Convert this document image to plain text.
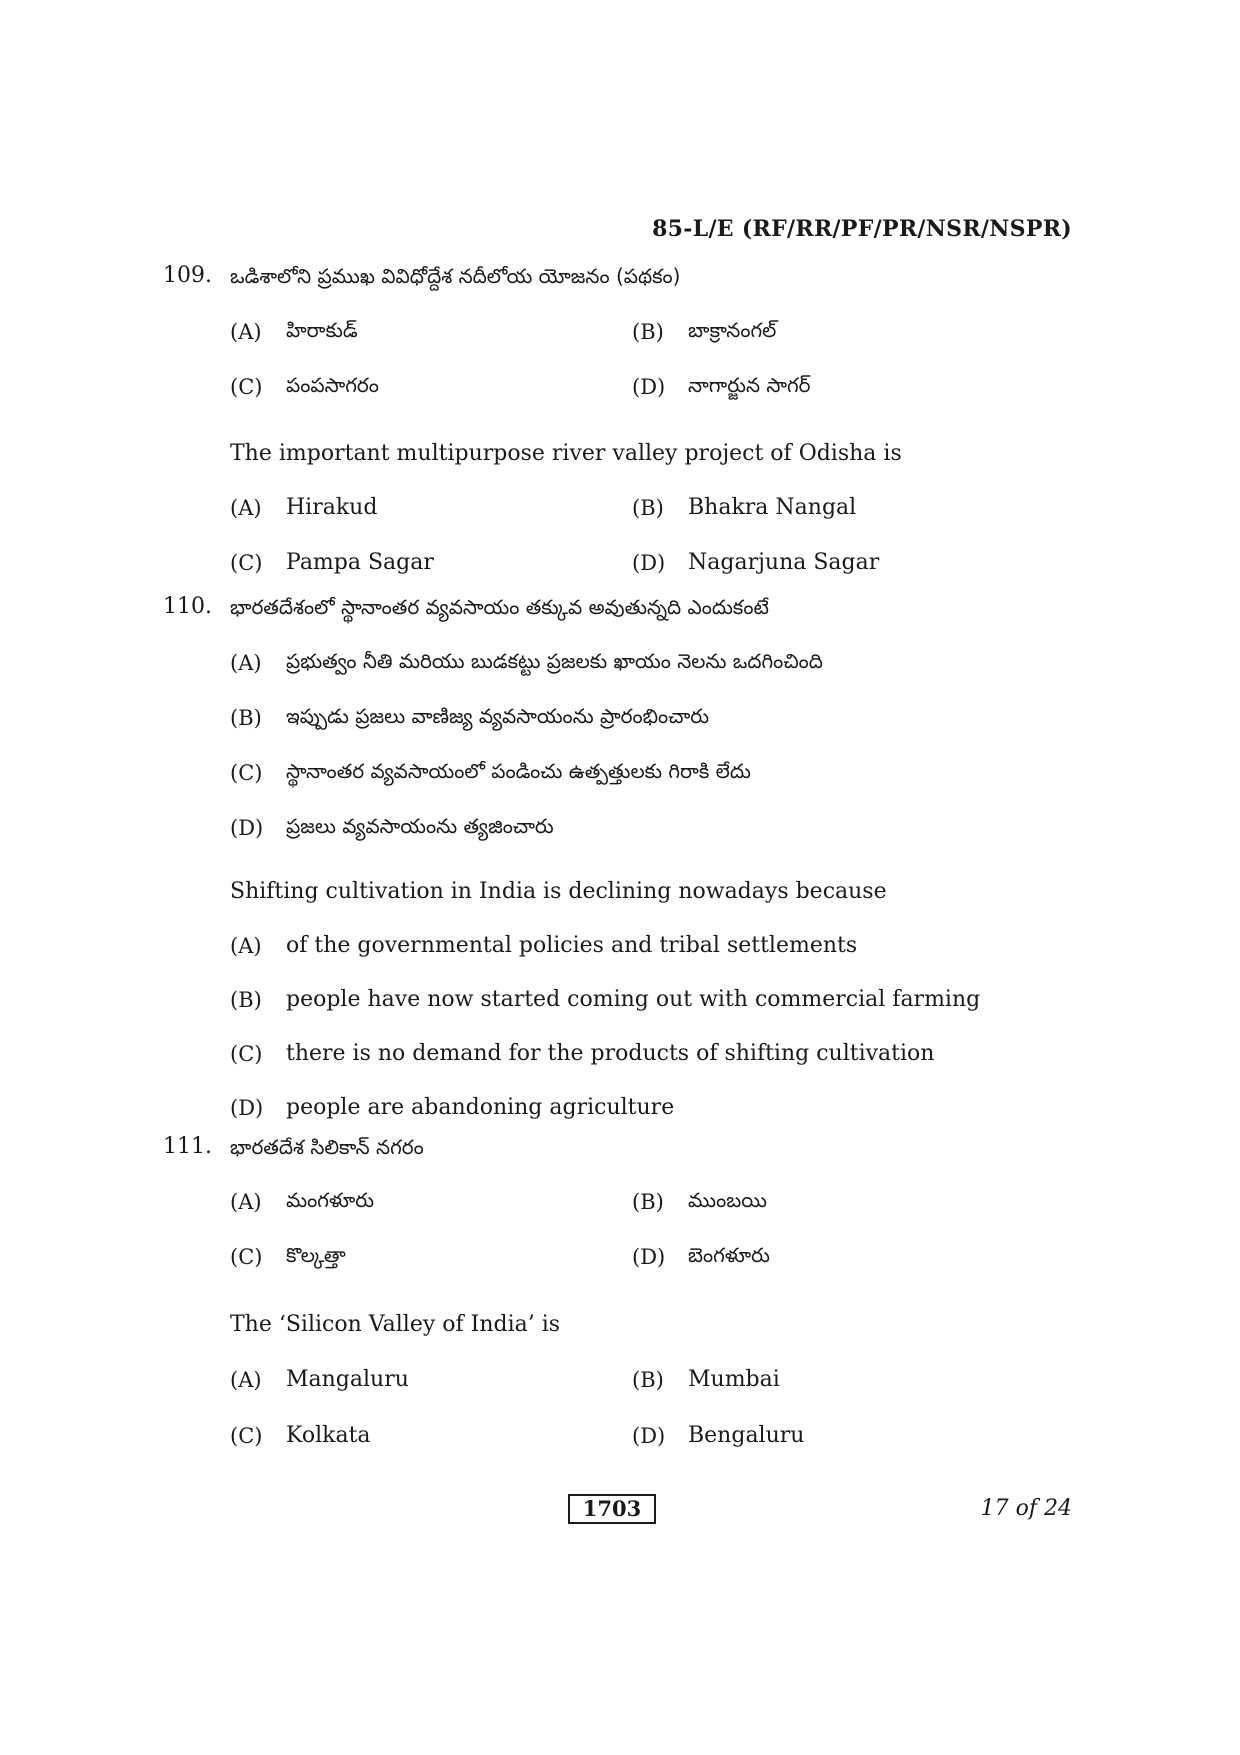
85-L/E (RF/RR/PF/PR/NSR/NSPR)
109. ఒడిశాలోని ప్రముఖ వివిధోద్దేశ నదీలోయ యోజనం (పథకం)
(A) హిరాకుడ్	(B) బాక్రానంగల్
(C) పంపసాగరం	(D) నాగార్జున సాగర్
The important multipurpose river valley project of Odisha is
(A) Hirakud	(B) Bhakra Nangal
(C) Pampa Sagar	(D) Nagarjuna Sagar
110. భారతదేశంలో స్థానాంతర వ్యవసాయం తక్కువ అవుతున్నది ఎందుకంటే
(A) ప్రభుత్వం నీతి మరియు బుడకట్టు ప్రజలకు ఖాయం నెలను ఒదగించింది
(B) ఇప్పుడు ప్రజలు వాణిజ్య వ్యవసాయంను ప్రారంభించారు
(C) స్థానాంతర వ్యవసాయంలో పండించు ఉత్పత్తులకు గిరాకి లేదు
(D) ప్రజలు వ్యవసాయంను త్యజించారు
Shifting cultivation in India is declining nowadays because
(A) of the governmental policies and tribal settlements
(B) people have now started coming out with commercial farming
(C) there is no demand for the products of shifting cultivation
(D) people are abandoning agriculture
111. భారతదేశ సిలికాన్ నగరం
(A) మంగళూరు	(B) ముంబయి
(C) కొల్కత్తా	(D) బెంగళూరు
The ‘Silicon Valley of India’ is
(A) Mangaluru	(B) Mumbai
(C) Kolkata	(D) Bengaluru
1703	17 of 24
